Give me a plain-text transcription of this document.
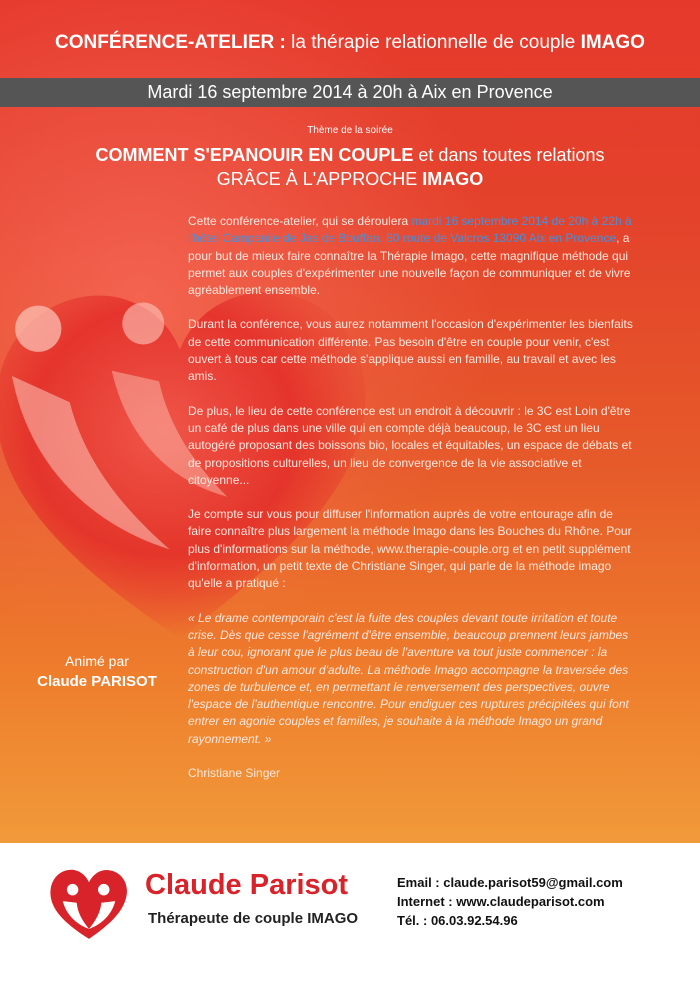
CONFÉRENCE-ATELIER : la thérapie relationnelle de couple IMAGO
Mardi 16 septembre 2014 à 20h à Aix en Provence
Thème de la soirée
COMMENT S'EPANOUIR EN COUPLE et dans toutes relations
GRÂCE À L'APPROCHE IMAGO

Cette conférence-atelier, qui se déroulera mardi 16 septembre 2014 de 20h à 22h à l'hôtel Campanile de Jas de Bouffan, 80 route de Valcros 13090 Aix en Provence, a pour but de mieux faire connaître la Thérapie Imago, cette magnifique méthode qui permet aux couples d'expérimenter une nouvelle façon de communiquer et de vivre agréablement ensemble.

Durant la conférence, vous aurez notamment l'occasion d'expérimenter les bienfaits de cette communication différente. Pas besoin d'être en couple pour venir, c'est ouvert à tous car cette méthode s'applique aussi en famille, au travail et avec les amis.

De plus, le lieu de cette conférence est un endroit à découvrir : le 3C est Loin d'être un café de plus dans une ville qui en compte déjà beaucoup, le 3C est un lieu autogéré proposant des boissons bio, locales et équitables, un espace de débats et de propositions culturelles, un lieu de convergence de la vie associative et citoyenne...

Je compte sur vous pour diffuser l'information auprès de votre entourage afin de faire connaître plus largement la méthode Imago dans les Bouches du Rhône. Pour plus d'informations sur la méthode, www.therapie-couple.org et en petit supplément d'information, un petit texte de Christiane Singer, qui parle de la méthode imago qu'elle a pratiqué :

« Le drame contemporain c'est la fuite des couples devant toute irritation et toute crise. Dès que cesse l'agrément d'être ensemble, beaucoup prennent leurs jambes à leur cou, ignorant que le plus beau de l'aventure va tout juste commencer : la construction d'un amour d'adulte. La méthode Imago accompagne la traversée des zones de turbulence et, en permettant le renversement des perspectives, ouvre l'espace de l'authentique rencontre. Pour endiguer ces ruptures précipitées qui font entrer en agonie couples et familles, je souhaite à la méthode Imago un grand rayonnement. »

Christiane Singer

Animé par
Claude PARISOT
Claude Parisot
Thérapeute de couple IMAGO
Email : claude.parisot59@gmail.com
Internet : www.claudeparisot.com
Tél. : 06.03.92.54.96
